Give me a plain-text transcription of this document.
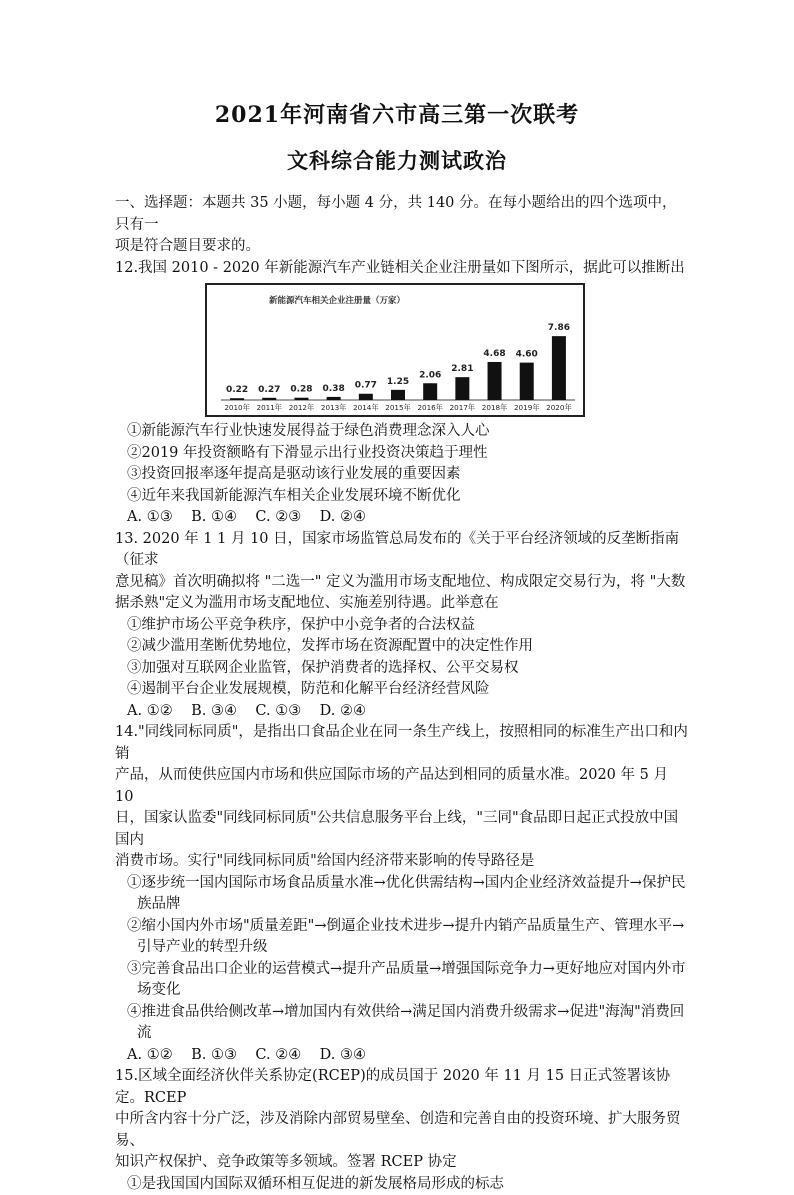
2021年河南省六市高三第一次联考
文科综合能力测试政治

一、选择题：本题共 35 小题，每小题 4 分，共 140 分。在每小题给出的四个选项中，只有一

项是符合题目要求的。

12.我国 2010 - 2020 年新能源汽车产业链相关企业注册量如下图所示，据此可以推断出

新能源汽车相关企业注册量（万家）
0.22
2010年
0.27
2011年
0.28
2012年
0.38
2013年
0.77
2014年
1.25
2015年
2.06
2016年
2.81
2017年
4.68
2018年
4.60
2019年
7.86
2020年

①新能源汽车行业快速发展得益于绿色消费理念深入人心

②2019 年投资额略有下滑显示出行业投资决策趋于理性

③投资回报率逐年提高是驱动该行业发展的重要因素

④近年来我国新能源汽车相关企业发展环境不断优化

A. ①③    B. ①④    C. ②③    D. ②④

13. 2020 年 1 1 月 10 日，国家市场监管总局发布的《关于平台经济领域的反垄断指南（征求

意见稿》首次明确拟将 "二选一" 定义为滥用市场支配地位、构成限定交易行为，将 "大数

据杀熟"定义为滥用市场支配地位、实施差别待遇。此举意在

①维护市场公平竞争秩序，保护中小竞争者的合法权益

②减少滥用垄断优势地位，发挥市场在资源配置中的决定性作用

③加强对互联网企业监管，保护消费者的选择权、公平交易权

④遏制平台企业发展规模，防范和化解平台经济经营风险

A. ①②    B. ③④    C. ①③    D. ②④

14."同线同标同质"，是指出口食品企业在同一条生产线上，按照相同的标准生产出口和内销

产品，从而使供应国内市场和供应国际市场的产品达到相同的质量水准。2020 年 5 月 10

日，国家认监委"同线同标同质"公共信息服务平台上线，"三同"食品即日起正式投放中国国内

消费市场。实行"同线同标同质"给国内经济带来影响的传导路径是

①逐步统一国内国际市场食品质量水准→优化供需结构→国内企业经济效益提升→保护民

族品牌

②缩小国内外市场"质量差距"→倒逼企业技术进步→提升内销产品质量生产、管理水平→

引导产业的转型升级

③完善食品出口企业的运营模式→提升产品质量→增强国际竞争力→更好地应对国内外市

场变化

④推进食品供给侧改革→增加国内有效供给→满足国内消费升级需求→促进"海淘"消费回

流

A. ①②    B. ①③    C. ②④    D. ③④

15.区域全面经济伙伴关系协定(RCEP)的成员国于 2020 年 11 月 15 日正式签署该协定。RCEP

中所含内容十分广泛，涉及消除内部贸易壁垒、创造和完善自由的投资环境、扩大服务贸易、

知识产权保护、竞争政策等多领域。签署 RCEP 协定

①是我国国内国际双循环相互促进的新发展格局形成的标志
